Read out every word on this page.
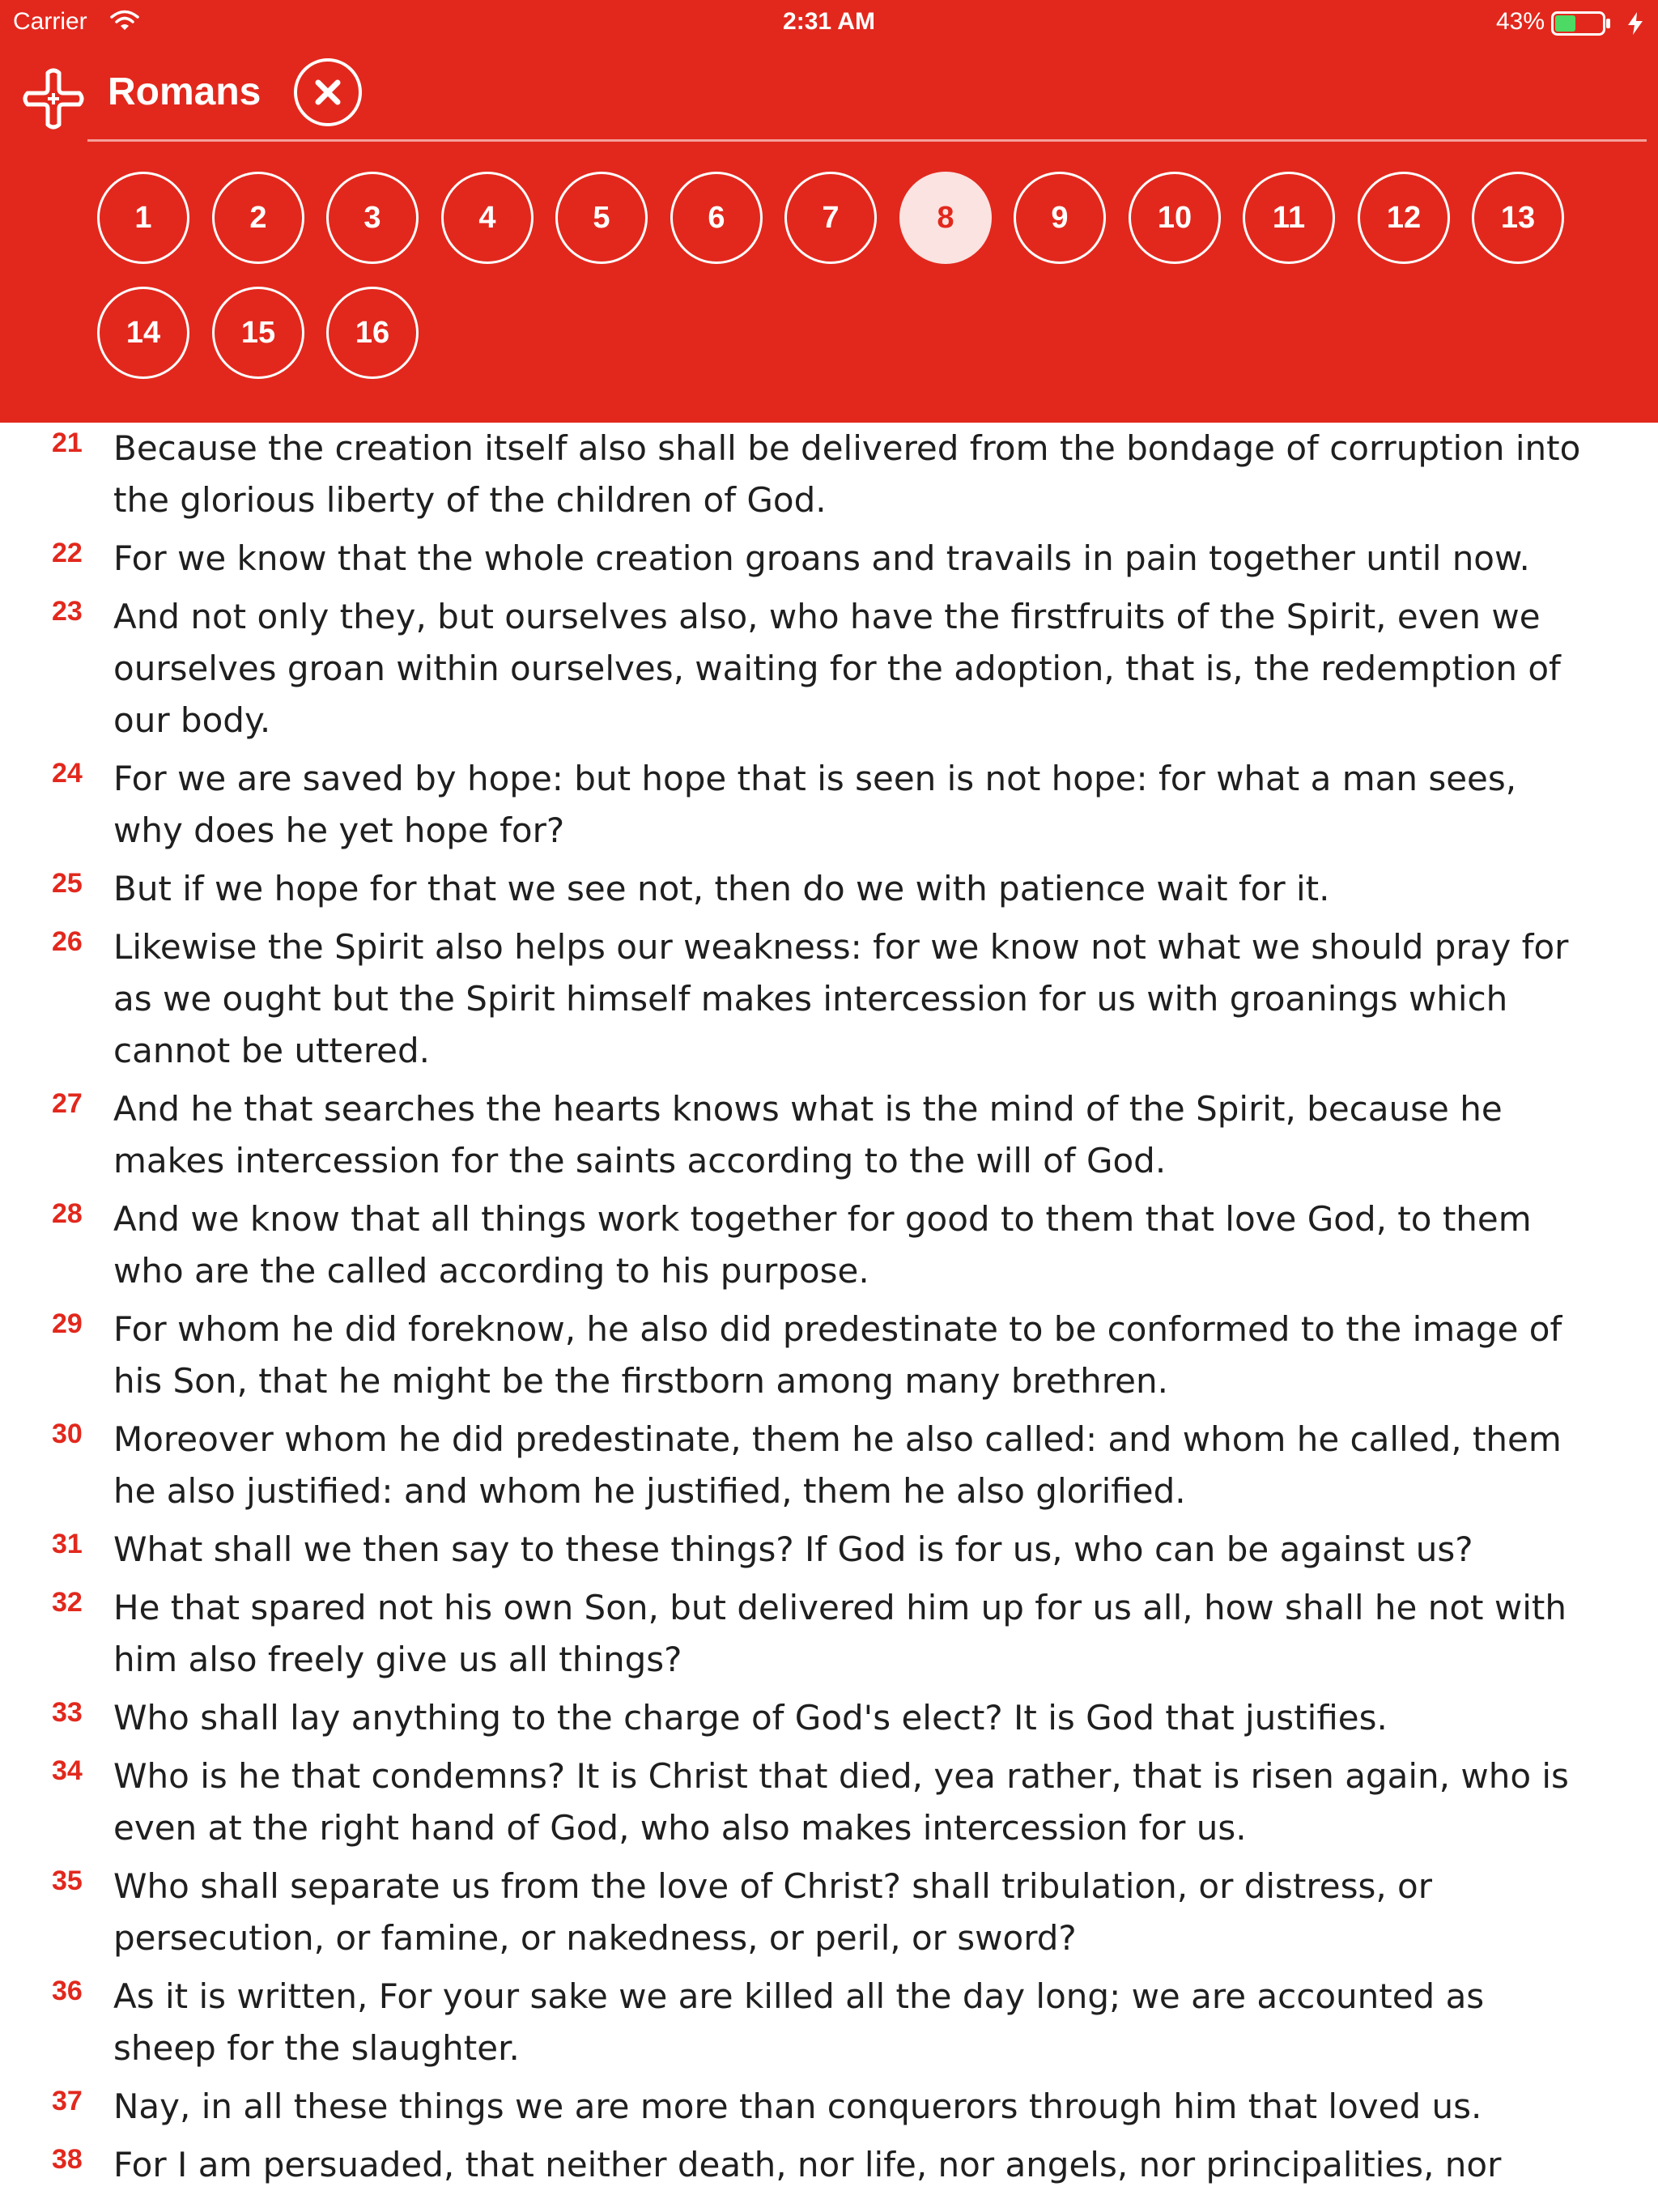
Carrier	2:31 AM	43%
Romans
1	2	3	4	5	6	7	8	9	10	11	12	13
14	15	16
21 Because the creation itself also shall be delivered from the bondage of corruption into the glorious liberty of the children of God.
22 For we know that the whole creation groans and travails in pain together until now.
23 And not only they, but ourselves also, who have the firstfruits of the Spirit, even we ourselves groan within ourselves, waiting for the adoption, that is, the redemption of our body.
24 For we are saved by hope: but hope that is seen is not hope: for what a man sees, why does he yet hope for?
25 But if we hope for that we see not, then do we with patience wait for it.
26 Likewise the Spirit also helps our weakness: for we know not what we should pray for as we ought but the Spirit himself makes intercession for us with groanings which cannot be uttered.
27 And he that searches the hearts knows what is the mind of the Spirit, because he makes intercession for the saints according to the will of God.
28 And we know that all things work together for good to them that love God, to them who are the called according to his purpose.
29 For whom he did foreknow, he also did predestinate to be conformed to the image of his Son, that he might be the firstborn among many brethren.
30 Moreover whom he did predestinate, them he also called: and whom he called, them he also justified: and whom he justified, them he also glorified.
31 What shall we then say to these things? If God is for us, who can be against us?
32 He that spared not his own Son, but delivered him up for us all, how shall he not with him also freely give us all things?
33 Who shall lay anything to the charge of God's elect? It is God that justifies.
34 Who is he that condemns? It is Christ that died, yea rather, that is risen again, who is even at the right hand of God, who also makes intercession for us.
35 Who shall separate us from the love of Christ? shall tribulation, or distress, or persecution, or famine, or nakedness, or peril, or sword?
36 As it is written, For your sake we are killed all the day long; we are accounted as sheep for the slaughter.
37 Nay, in all these things we are more than conquerors through him that loved us.
38 For I am persuaded, that neither death, nor life, nor angels, nor principalities, nor
